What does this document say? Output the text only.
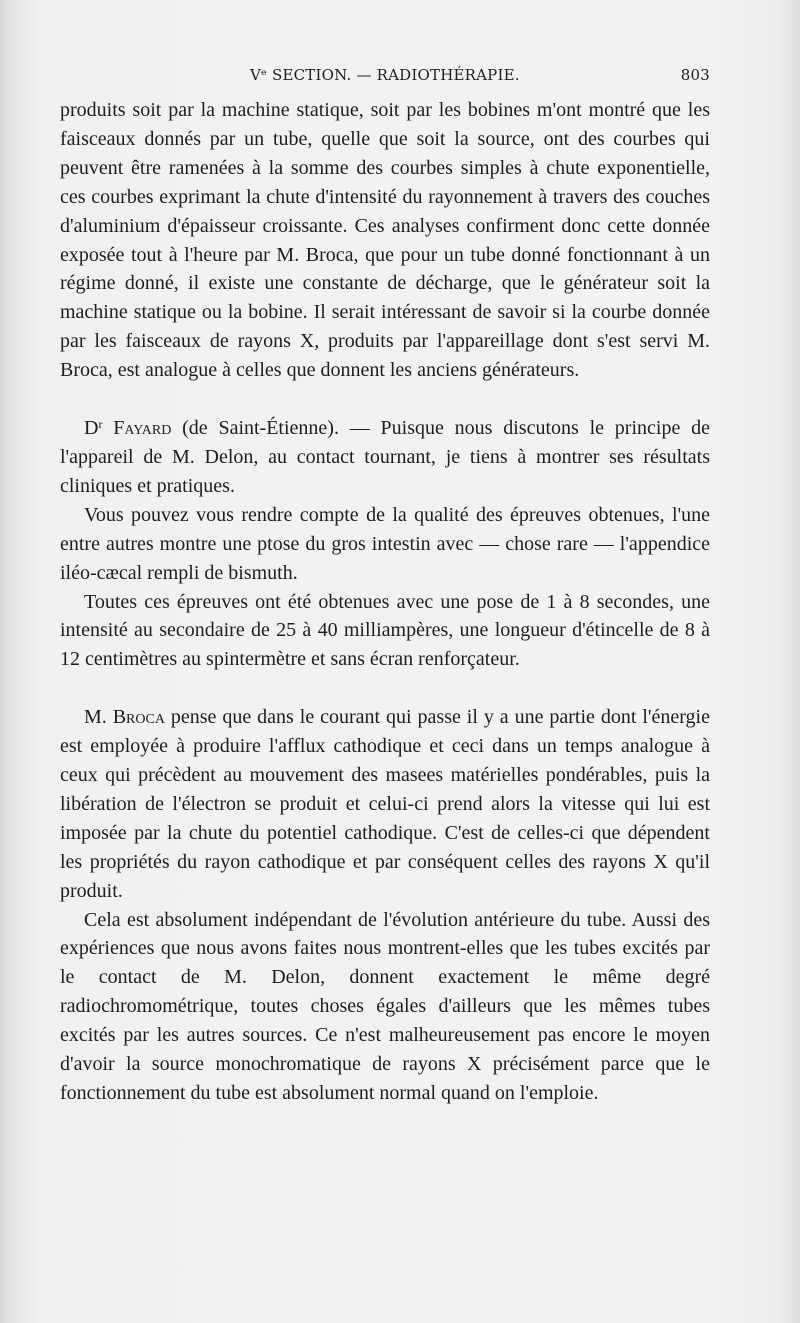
Vᵉ SECTION. — RADIOTHÉRAPIE.	803

produits soit par la machine statique, soit par les bobines m'ont montré que les faisceaux donnés par un tube, quelle que soit la source, ont des courbes qui peuvent être ramenées à la somme des courbes simples à chute exponentielle, ces courbes exprimant la chute d'intensité du rayonnement à travers des couches d'aluminium d'épaisseur croissante. Ces analyses confirment donc cette donnée exposée tout à l'heure par M. Broca, que pour un tube donné fonctionnant à un régime donné, il existe une constante de décharge, que le générateur soit la machine statique ou la bobine. Il serait intéressant de savoir si la courbe donnée par les faisceaux de rayons X, produits par l'appareillage dont s'est servi M. Broca, est analogue à celles que donnent les anciens générateurs.

$D^r$ Fayard (de Saint-Étienne). — Puisque nous discutons le principe de l'appareil de M. Delon, au contact tournant, je tiens à montrer ses résultats cliniques et pratiques.

Vous pouvez vous rendre compte de la qualité des épreuves obtenues, l'une entre autres montre une ptose du gros intestin avec — chose rare — l'appendice iléo-cæcal rempli de bismuth.

Toutes ces épreuves ont été obtenues avec une pose de 1 à 8 secondes, une intensité au secondaire de 25 à 40 milliampères, une longueur d'étincelle de 8 à 12 centimètres au spintermètre et sans écran renforçateur.

M. Broca pense que dans le courant qui passe il y a une partie dont l'énergie est employée à produire l'afflux cathodique et ceci dans un temps analogue à ceux qui précèdent au mouvement des masees matérielles pondérables, puis la libération de l'électron se produit et celui-ci prend alors la vitesse qui lui est imposée par la chute du potentiel cathodique. C'est de celles-ci que dépendent les propriétés du rayon cathodique et par conséquent celles des rayons X qu'il produit.

Cela est absolument indépendant de l'évolution antérieure du tube. Aussi des expériences que nous avons faites nous montrent-elles que les tubes excités par le contact de M. Delon, donnent exactement le même degré radiochromométrique, toutes choses égales d'ailleurs que les mêmes tubes excités par les autres sources. Ce n'est malheureusement pas encore le moyen d'avoir la source monochromatique de rayons X précisément parce que le fonctionnement du tube est absolument normal quand on l'emploie.
